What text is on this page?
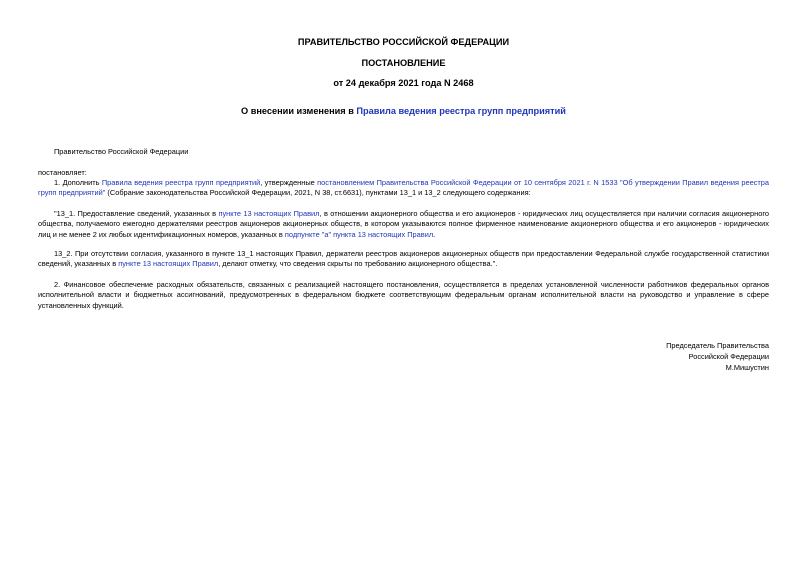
ПРАВИТЕЛЬСТВО РОССИЙСКОЙ ФЕДЕРАЦИИ
ПОСТАНОВЛЕНИЕ
от 24 декабря 2021 года N 2468
О внесении изменения в Правила ведения реестра групп предприятий
Правительство Российской Федерации
постановляет:
1. Дополнить Правила ведения реестра групп предприятий, утвержденные постановлением Правительства Российской Федерации от 10 сентября 2021 г. N 1533 "Об утверждении Правил ведения реестра групп предприятий" (Собрание законодательства Российской Федерации, 2021, N 38, ст.6631), пунктами 13_1 и 13_2 следующего содержания:
"13_1. Предоставление сведений, указанных в пункте 13 настоящих Правил, в отношении акционерного общества и его акционеров - юридических лиц осуществляется при наличии согласия акционерного общества, получаемого ежегодно держателями реестров акционеров акционерных обществ, в котором указываются полное фирменное наименование акционерного общества и его акционеров - юридических лиц и не менее 2 их любых идентификационных номеров, указанных в подпункте "а" пункта 13 настоящих Правил.
13_2. При отсутствии согласия, указанного в пункте 13_1 настоящих Правил, держатели реестров акционеров акционерных обществ при предоставлении Федеральной службе государственной статистики сведений, указанных в пункте 13 настоящих Правил, делают отметку, что сведения скрыты по требованию акционерного общества.".
2. Финансовое обеспечение расходных обязательств, связанных с реализацией настоящего постановления, осуществляется в пределах установленной численности работников федеральных органов исполнительной власти и бюджетных ассигнований, предусмотренных в федеральном бюджете соответствующим федеральным органам исполнительной власти на руководство и управление в сфере установленных функций.
Председатель Правительства
Российской Федерации
М.Мишустин
